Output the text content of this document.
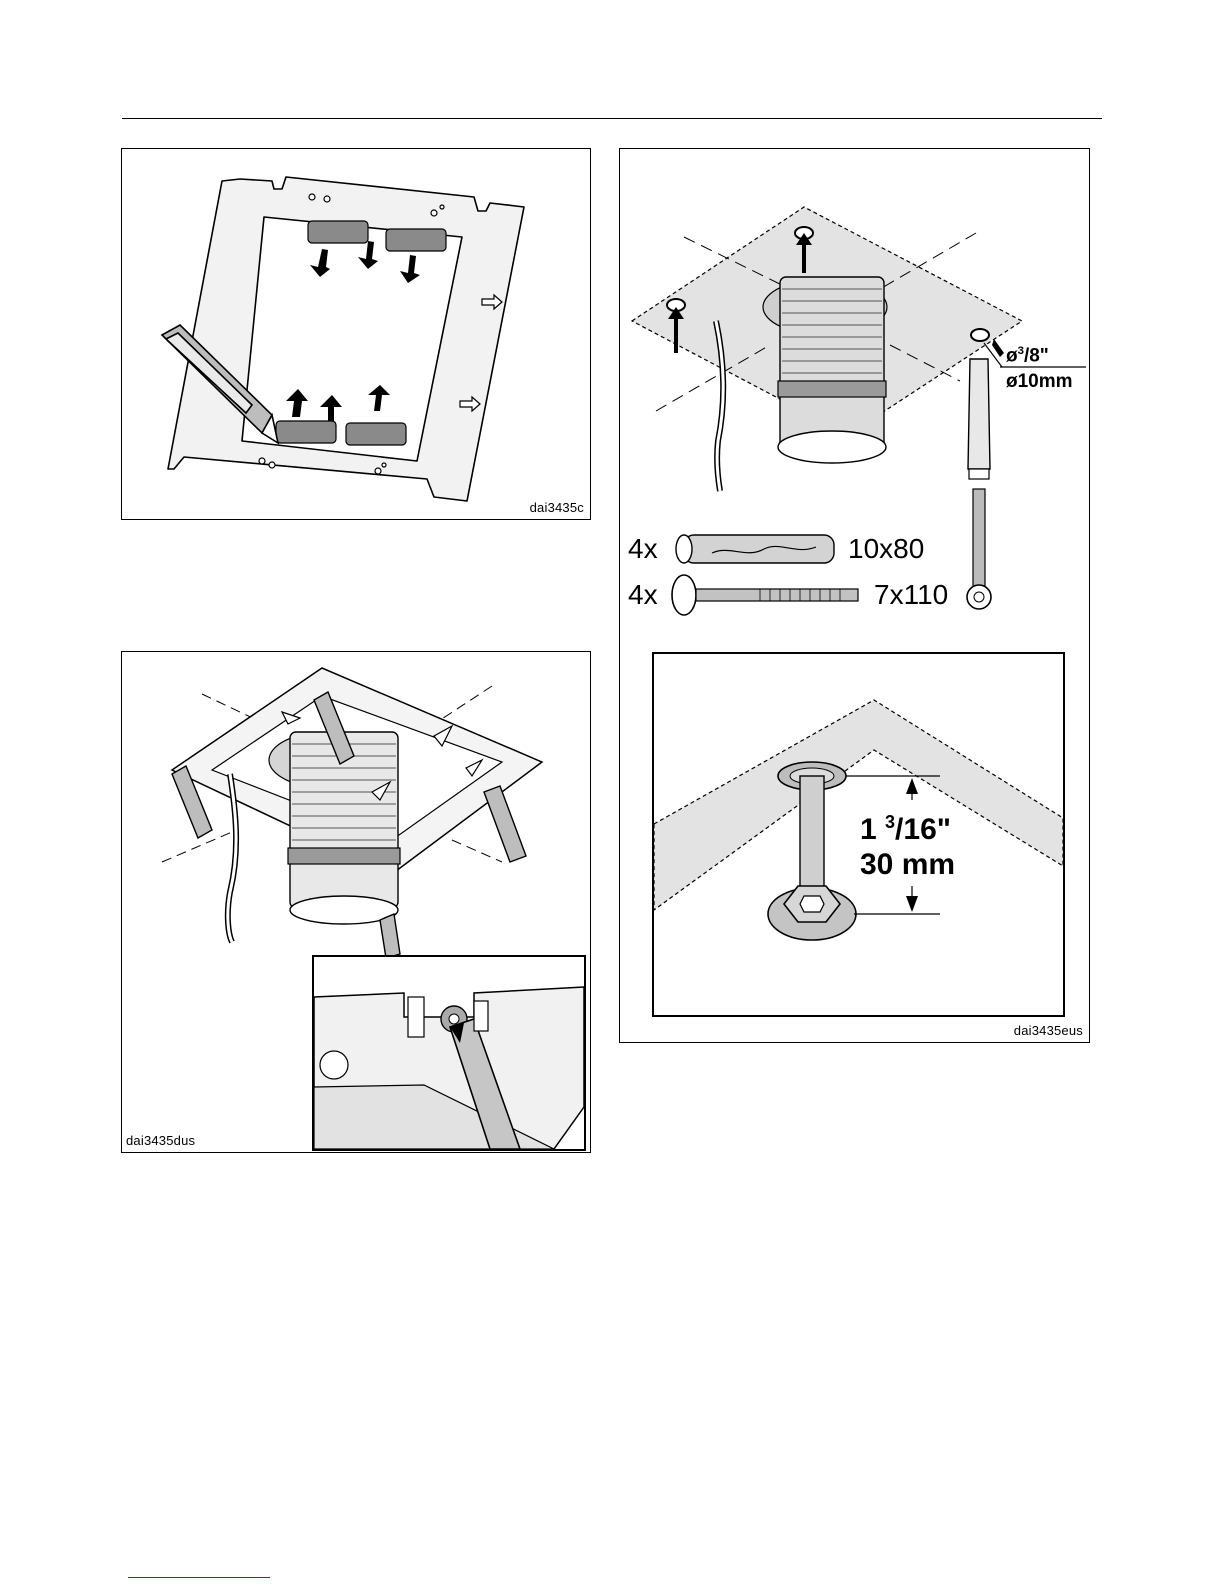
dai3435c
dai3435dus
$ø^3/8$"
ø10mm
4x	10x80
4x	7x110
1 $^3$/16"
30 mm
dai3435eus
